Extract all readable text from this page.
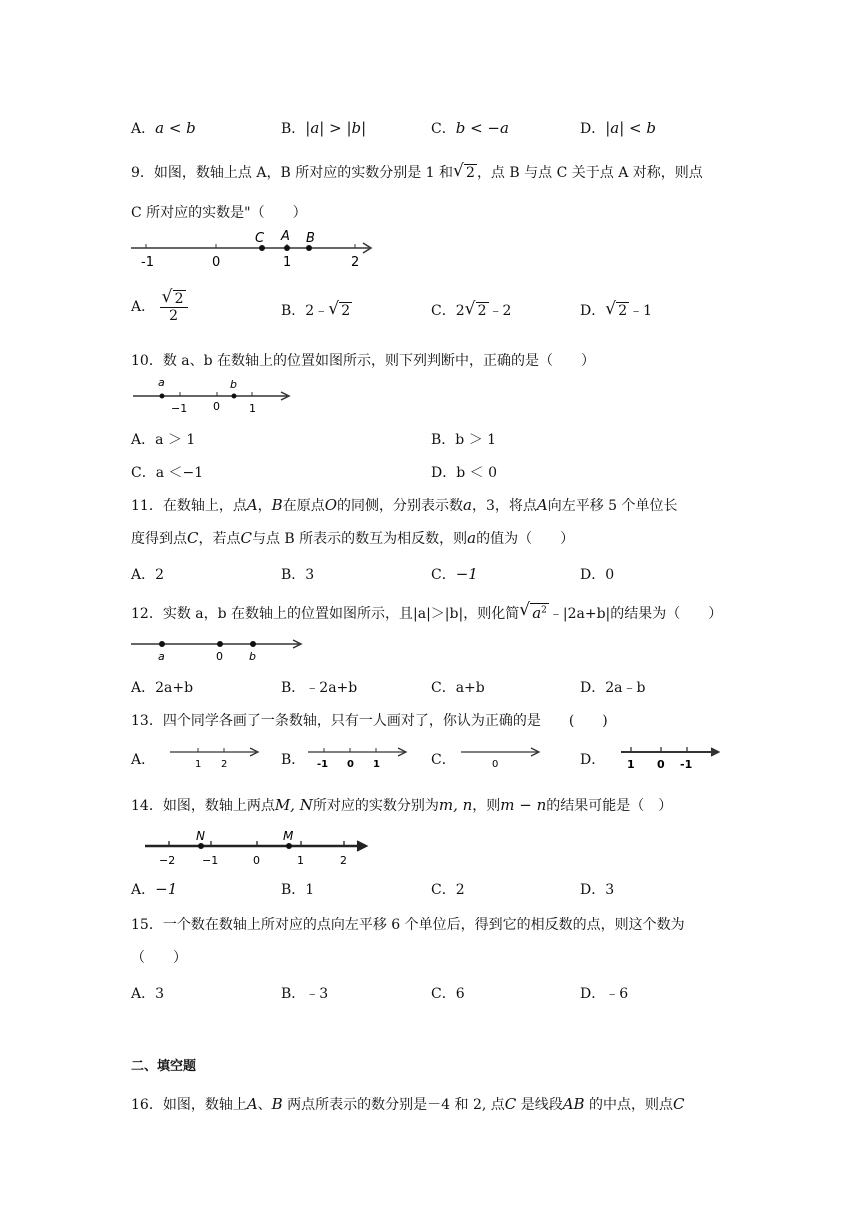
A．a < b	B．|a| > |b|	C．b < −a	D．|a| < b
9．如图，数轴上点 A，B 所对应的实数分别是 1 和 √ 2 ，点 B 与点 C 关于点 A 对称，则点
C 所对应的实数是"（　　）
C A B
-1	0	1	2
A． √ $\frac{2}{2}$	B．2﹣ √ 2	C．2 √ 2 ﹣2	D． √ 2 ﹣1
10．数 a、b 在数轴上的位置如图所示，则下列判断中，正确的是（　　）
a	b
−1 0	1
A．a ＞ 1	B．b ＞ 1
C．a ＜−1	D．b ＜ 0
11．在数轴上，点A，B在原点O的同侧，分别表示数a，3，将点A向左平移 5 个单位长
度得到点C，若点C与点 B 所表示的数互为相反数，则a的值为（　　）
A．2	B．3	C．−1	D．0
12．实数 a，b 在数轴上的位置如图所示，且|a|＞|b|，则化简 √ $a^2$ ﹣|2a+b|的结果为（　　）
a	0 b
A．2a+b	B．﹣2a+b	C．a+b	D．2a﹣b
13．四个同学各画了一条数轴，只有一人画对了，你认为正确的是　　(　　)
A．	1 2	B． -1 0 1	C．	0	D． 1 0 -1
14．如图，数轴上两点M, N所对应的实数分别为m, n，则m − n的结果可能是（　）
N	M
−2 −1	0	1	2
A．−1	B．1	C．2	D．3
15．一个数在数轴上所对应的点向左平移 6 个单位后，得到它的相反数的点，则这个数为
（　　）
A．3	B．﹣3	C．6	D．﹣6
二、填空题
16．如图，数轴上A、B 两点所表示的数分别是－4 和 2, 点C 是线段AB 的中点，则点C
